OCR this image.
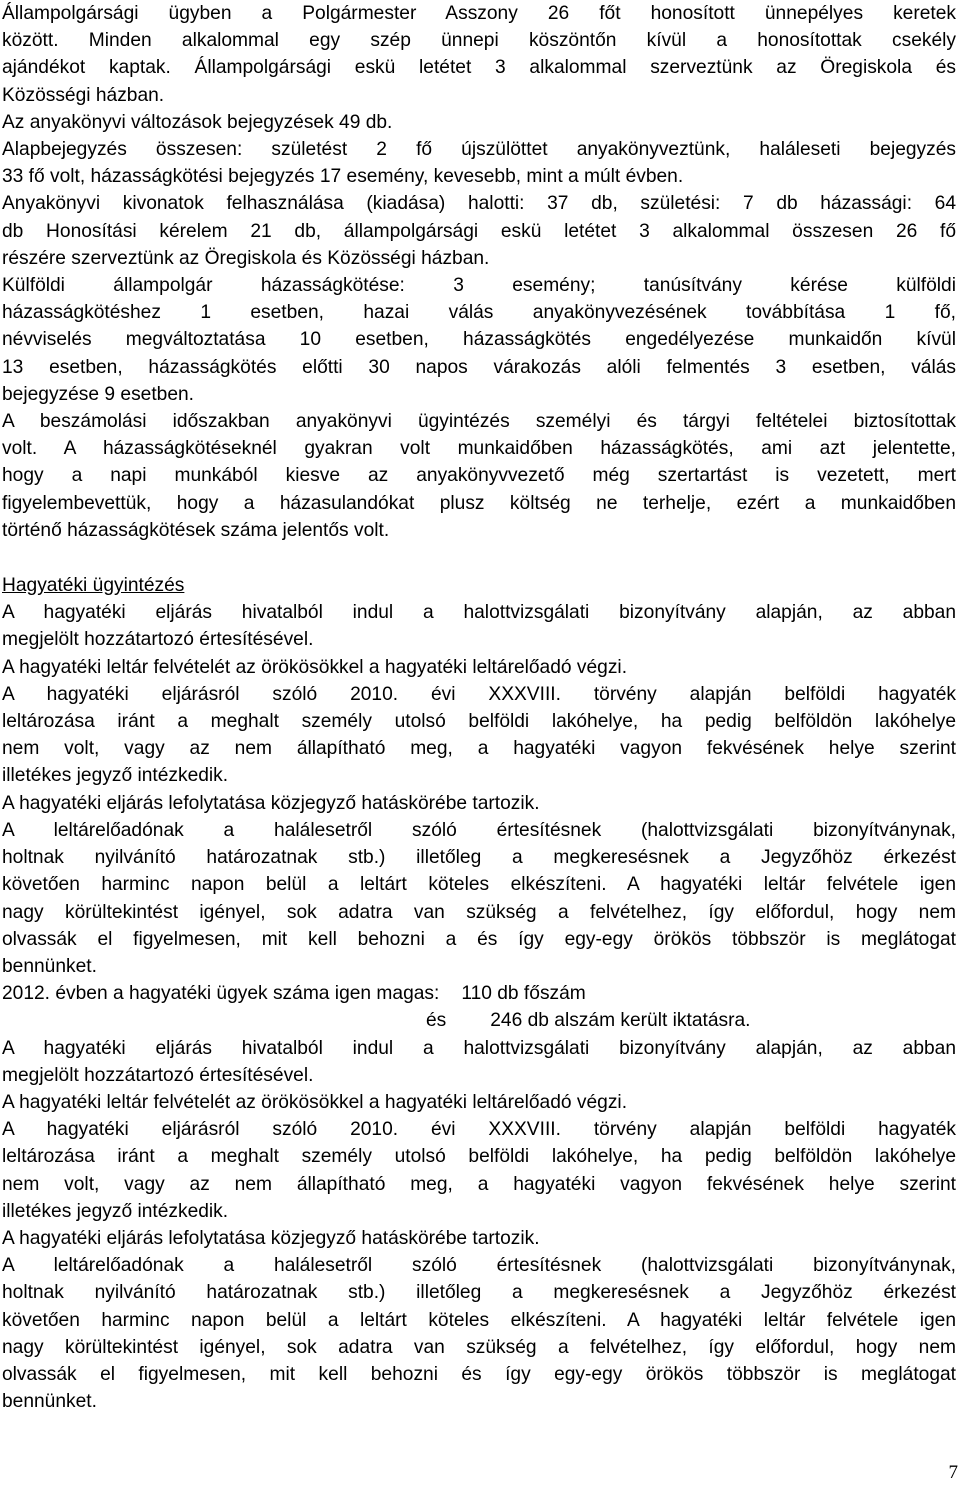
Állampolgársági ügyben a Polgármester Asszony 26 főt honosított ünnepélyes keretek
között. Minden alkalommal egy szép ünnepi köszöntőn kívül a honosítottak csekély
ajándékot kaptak. Állampolgársági eskü letétet 3 alkalommal szerveztünk az Öregiskola és
Közösségi házban.

Az anyakönyvi változások bejegyzések 49 db.

Alapbejegyzés összesen: születést 2 fő újszülöttet anyakönyveztünk, haláleseti bejegyzés
33 fő volt, házasságkötési bejegyzés 17 esemény, kevesebb, mint a múlt évben.

Anyakönyvi kivonatok felhasználása (kiadása) halotti: 37 db, születési: 7 db házassági: 64
db Honosítási kérelem 21 db, állampolgársági eskü letétet 3 alkalommal összesen 26 fő
részére szerveztünk az Öregiskola és Közösségi házban.

Külföldi állampolgár házasságkötése: 3 esemény; tanúsítvány kérése külföldi
házasságkötéshez 1 esetben, hazai válás anyakönyvezésének továbbítása 1 fő,
névviselés megváltoztatása 10 esetben, házasságkötés engedélyezése munkaidőn kívül
13 esetben, házasságkötés előtti 30 napos várakozás alóli felmentés 3 esetben, válás
bejegyzése 9 esetben.

A beszámolási időszakban anyakönyvi ügyintézés személyi és tárgyi feltételei biztosítottak
volt. A házasságkötéseknél gyakran volt munkaidőben házasságkötés, ami azt jelentette,
hogy a napi munkából kiesve az anyakönyvvezető még szertartást is vezetett, mert
figyelembevettük, hogy a házasulandókat plusz költség ne terhelje, ezért a munkaidőben
történő házasságkötések száma jelentős volt.

Hagyatéki ügyintézés

A hagyatéki eljárás hivatalból indul a halottvizsgálati bizonyítvány alapján, az abban
megjelölt hozzátartozó értesítésével.

A hagyatéki leltár felvételét az örökösökkel a hagyatéki leltárelőadó végzi.

A hagyatéki eljárásról szóló 2010. évi XXXVIII. törvény alapján belföldi hagyaték
leltározása iránt a meghalt személy utolsó belföldi lakóhelye, ha pedig belföldön lakóhelye
nem volt, vagy az nem állapítható meg, a hagyatéki vagyon fekvésének helye szerint
illetékes jegyző intézkedik.

A hagyatéki eljárás lefolytatása közjegyző hatáskörébe tartozik.

A leltárelőadónak a halálesetről szóló értesítésnek (halottvizsgálati bizonyítványnak,
holtnak nyilvánító határozatnak stb.) illetőleg a megkeresésnek a Jegyzőhöz érkezést
követően harminc napon belül a leltárt köteles elkészíteni. A hagyatéki leltár felvétele igen
nagy körültekintést igényel, sok adatra van szükség a felvételhez, így előfordul, hogy nem
olvassák el figyelmesen, mit kell behozni a és így egy-egy örökös többször is meglátogat
bennünket.

2012. évben a hagyatéki ügyek száma igen magas: 110 db főszám
és 246 db alszám került iktatásra.

A hagyatéki eljárás hivatalból indul a halottvizsgálati bizonyítvány alapján, az abban
megjelölt hozzátartozó értesítésével.

A hagyatéki leltár felvételét az örökösökkel a hagyatéki leltárelőadó végzi.

A hagyatéki eljárásról szóló 2010. évi XXXVIII. törvény alapján belföldi hagyaték
leltározása iránt a meghalt személy utolsó belföldi lakóhelye, ha pedig belföldön lakóhelye
nem volt, vagy az nem állapítható meg, a hagyatéki vagyon fekvésének helye szerint
illetékes jegyző intézkedik.

A hagyatéki eljárás lefolytatása közjegyző hatáskörébe tartozik.

A leltárelőadónak a halálesetről szóló értesítésnek (halottvizsgálati bizonyítványnak,
holtnak nyilvánító határozatnak stb.) illetőleg a megkeresésnek a Jegyzőhöz érkezést
követően harminc napon belül a leltárt köteles elkészíteni. A hagyatéki leltár felvétele igen
nagy körültekintést igényel, sok adatra van szükség a felvételhez, így előfordul, hogy nem
olvassák el figyelmesen, mit kell behozni és így egy-egy örökös többször is meglátogat
bennünket.

7
